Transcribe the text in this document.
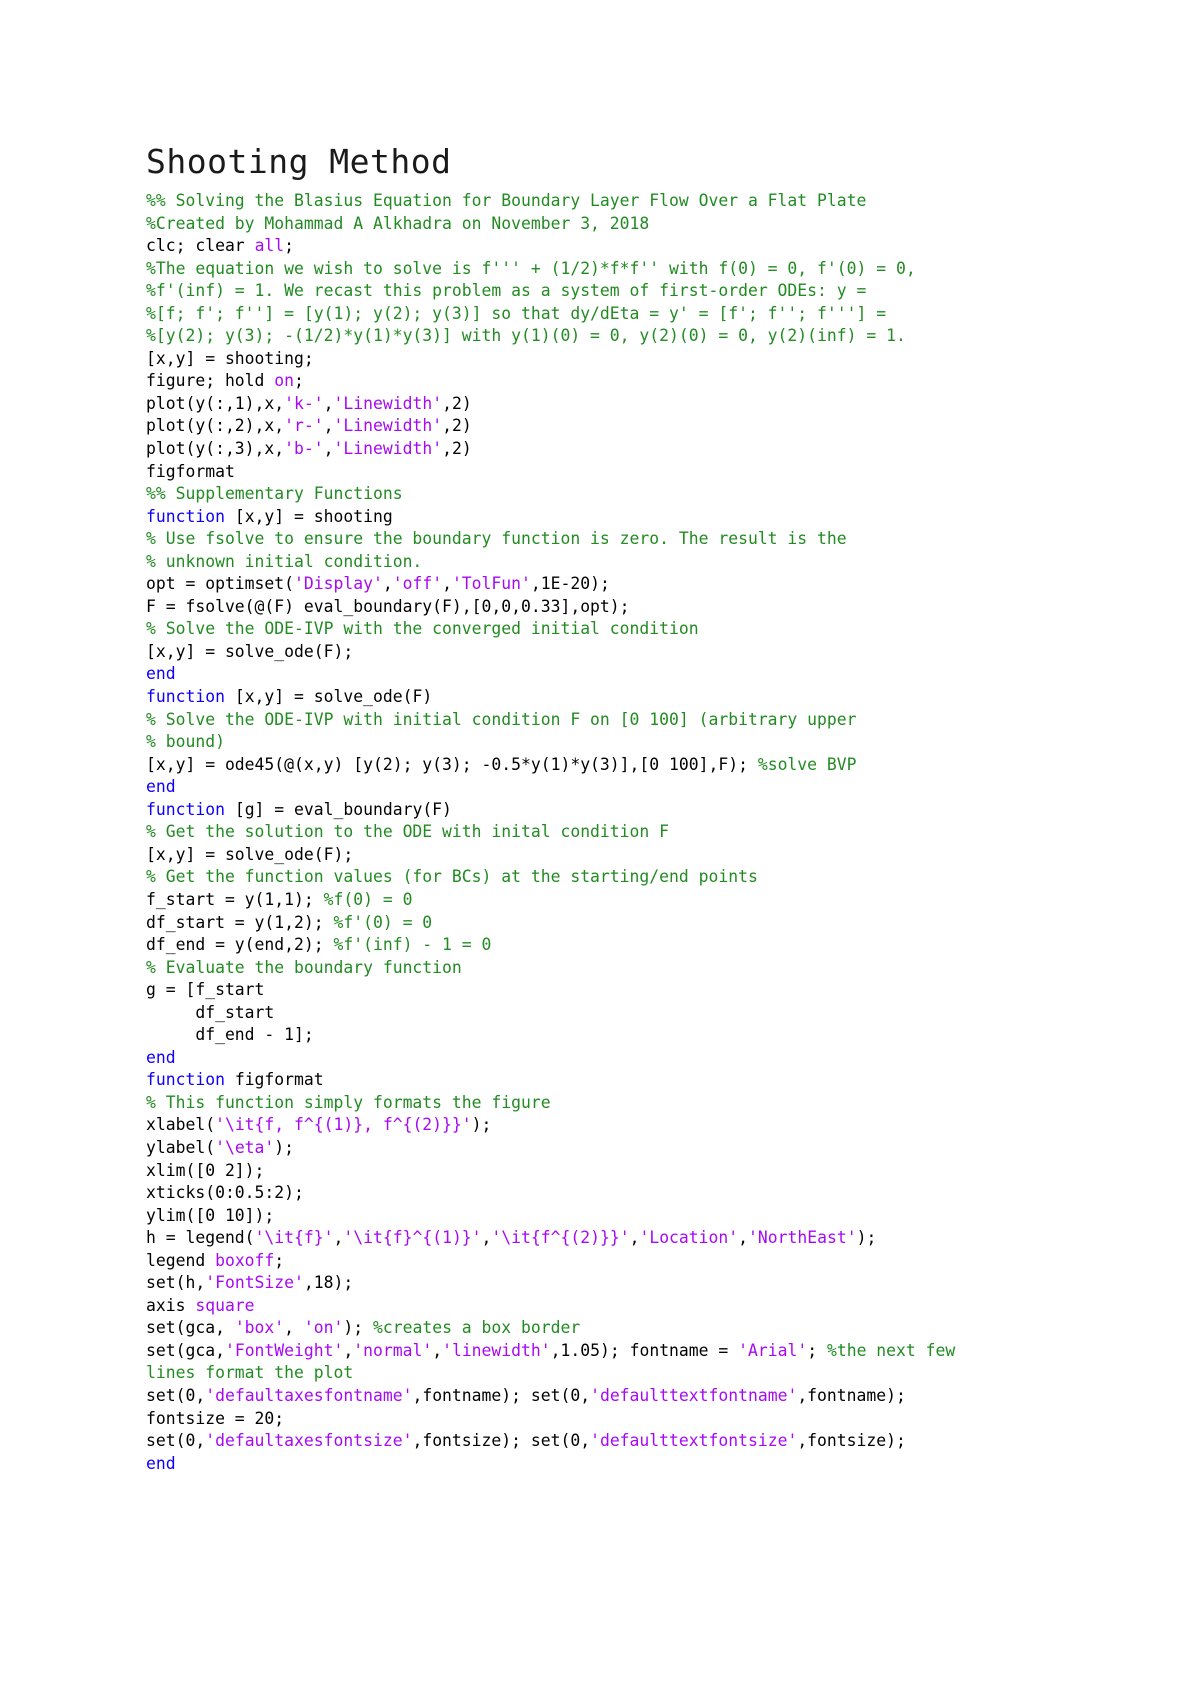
Shooting Method
%% Solving the Blasius Equation for Boundary Layer Flow Over a Flat Plate
%Created by Mohammad A Alkhadra on November 3, 2018
clc; clear all;
%The equation we wish to solve is f''' + (1/2)*f*f'' with f(0) = 0, f'(0) = 0,
%f'(inf) = 1. We recast this problem as a system of first-order ODEs: y =
%[f; f'; f''] = [y(1); y(2); y(3)] so that dy/dEta = y' = [f'; f''; f'''] =
%[y(2); y(3); -(1/2)*y(1)*y(3)] with y(1)(0) = 0, y(2)(0) = 0, y(2)(inf) = 1.
[x,y] = shooting;
figure; hold on;
plot(y(:,1),x,'k-','Linewidth',2)
plot(y(:,2),x,'r-','Linewidth',2)
plot(y(:,3),x,'b-','Linewidth',2)
figformat
%% Supplementary Functions
function [x,y] = shooting
% Use fsolve to ensure the boundary function is zero. The result is the
% unknown initial condition.
opt = optimset('Display','off','TolFun',1E-20);
F = fsolve(@(F) eval_boundary(F),[0,0,0.33],opt);
% Solve the ODE-IVP with the converged initial condition
[x,y] = solve_ode(F);
end
function [x,y] = solve_ode(F)
% Solve the ODE-IVP with initial condition F on [0 100] (arbitrary upper
% bound)
[x,y] = ode45(@(x,y) [y(2); y(3); -0.5*y(1)*y(3)],[0 100],F); %solve BVP
end
function [g] = eval_boundary(F)
% Get the solution to the ODE with inital condition F
[x,y] = solve_ode(F);
% Get the function values (for BCs) at the starting/end points
f_start = y(1,1); %f(0) = 0
df_start = y(1,2); %f'(0) = 0
df_end = y(end,2); %f'(inf) - 1 = 0
% Evaluate the boundary function
g = [f_start
df_start
df_end - 1];
end
function figformat
% This function simply formats the figure
xlabel('\it{f, f^{(1)}, f^{(2)}}');
ylabel('\eta');
xlim([0 2]);
xticks(0:0.5:2);
ylim([0 10]);
h = legend('\it{f}','\it{f}^{(1)}','\it{f^{(2)}}','Location','NorthEast');
legend boxoff;
set(h,'FontSize',18);
axis square
set(gca, 'box', 'on'); %creates a box border
set(gca,'FontWeight','normal','linewidth',1.05); fontname = 'Arial'; %the next few
lines format the plot
set(0,'defaultaxesfontname',fontname); set(0,'defaulttextfontname',fontname);
fontsize = 20;
set(0,'defaultaxesfontsize',fontsize); set(0,'defaulttextfontsize',fontsize);
end
